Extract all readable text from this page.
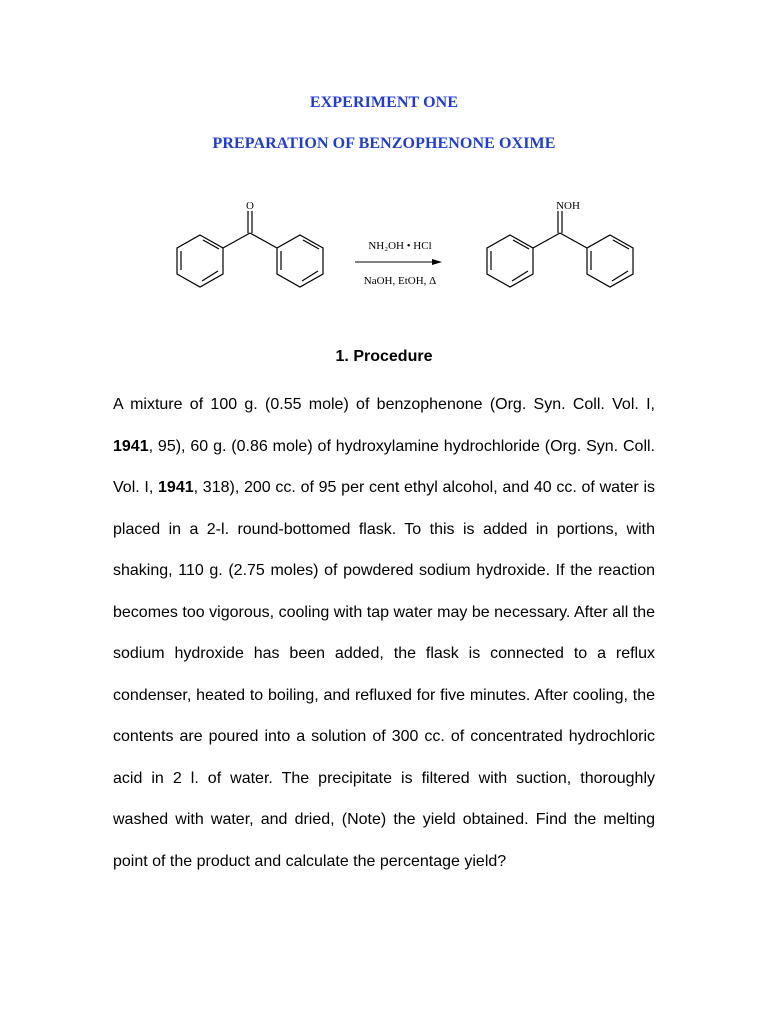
EXPERIMENT ONE
PREPARATION OF BENZOPHENONE OXIME
O
NH₂OH • HCl
NaOH, EtOH, Δ
NOH
1. Procedure

A mixture of 100 g. (0.55 mole) of benzophenone (Org. Syn. Coll. Vol. I, 1941, 95), 60 g. (0.86 mole) of hydroxylamine hydrochloride (Org. Syn. Coll. Vol. I, 1941, 318), 200 cc. of 95 per cent ethyl alcohol, and 40 cc. of water is placed in a 2-l. round-bottomed flask. To this is added in portions, with shaking, 110 g. (2.75 moles) of powdered sodium hydroxide. If the reaction becomes too vigorous, cooling with tap water may be necessary. After all the sodium hydroxide has been added, the flask is connected to a reflux condenser, heated to boiling, and refluxed for five minutes. After cooling, the contents are poured into a solution of 300 cc. of concentrated hydrochloric acid in 2 l. of water. The precipitate is filtered with suction, thoroughly washed with water, and dried, (Note) the yield obtained. Find the melting point of the product and calculate the percentage yield?
